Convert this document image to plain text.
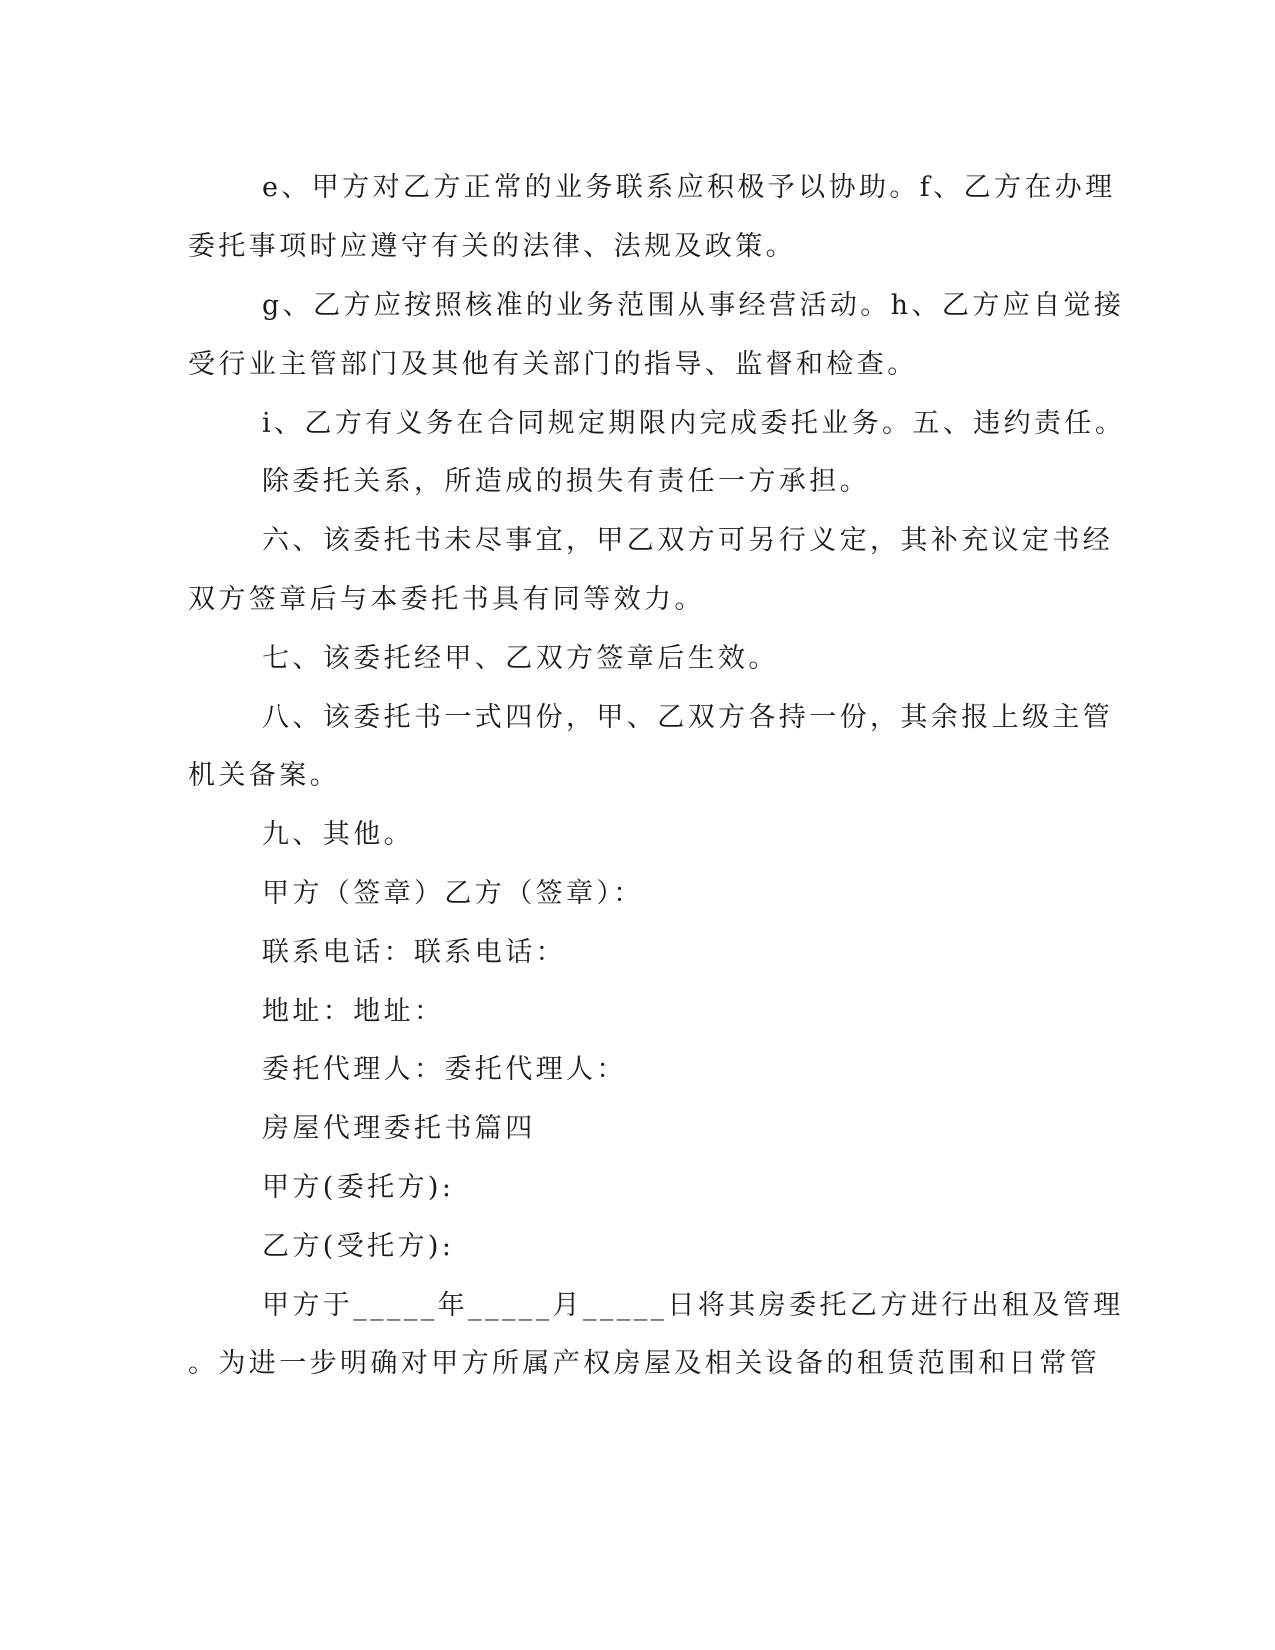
e、甲方对乙方正常的业务联系应积极予以协助。f、乙方在办理
委托事项时应遵守有关的法律、法规及政策。
g、乙方应按照核准的业务范围从事经营活动。h、乙方应自觉接
受行业主管部门及其他有关部门的指导、监督和检查。
i、乙方有义务在合同规定期限内完成委托业务。五、违约责任。
除委托关系，所造成的损失有责任一方承担。
六、该委托书未尽事宜，甲乙双方可另行义定，其补充议定书经
双方签章后与本委托书具有同等效力。
七、该委托经甲、乙双方签章后生效。
八、该委托书一式四份，甲、乙双方各持一份，其余报上级主管
机关备案。
九、其他。
甲方（签章）乙方（签章）：
联系电话：联系电话：
地址：地址：
委托代理人：委托代理人：
房屋代理委托书篇四
甲方(委托方):
乙方(受托方):
甲方于_____年_____月_____日将其房委托乙方进行出租及管理
。为进一步明确对甲方所属产权房屋及相关设备的租赁范围和日常管
